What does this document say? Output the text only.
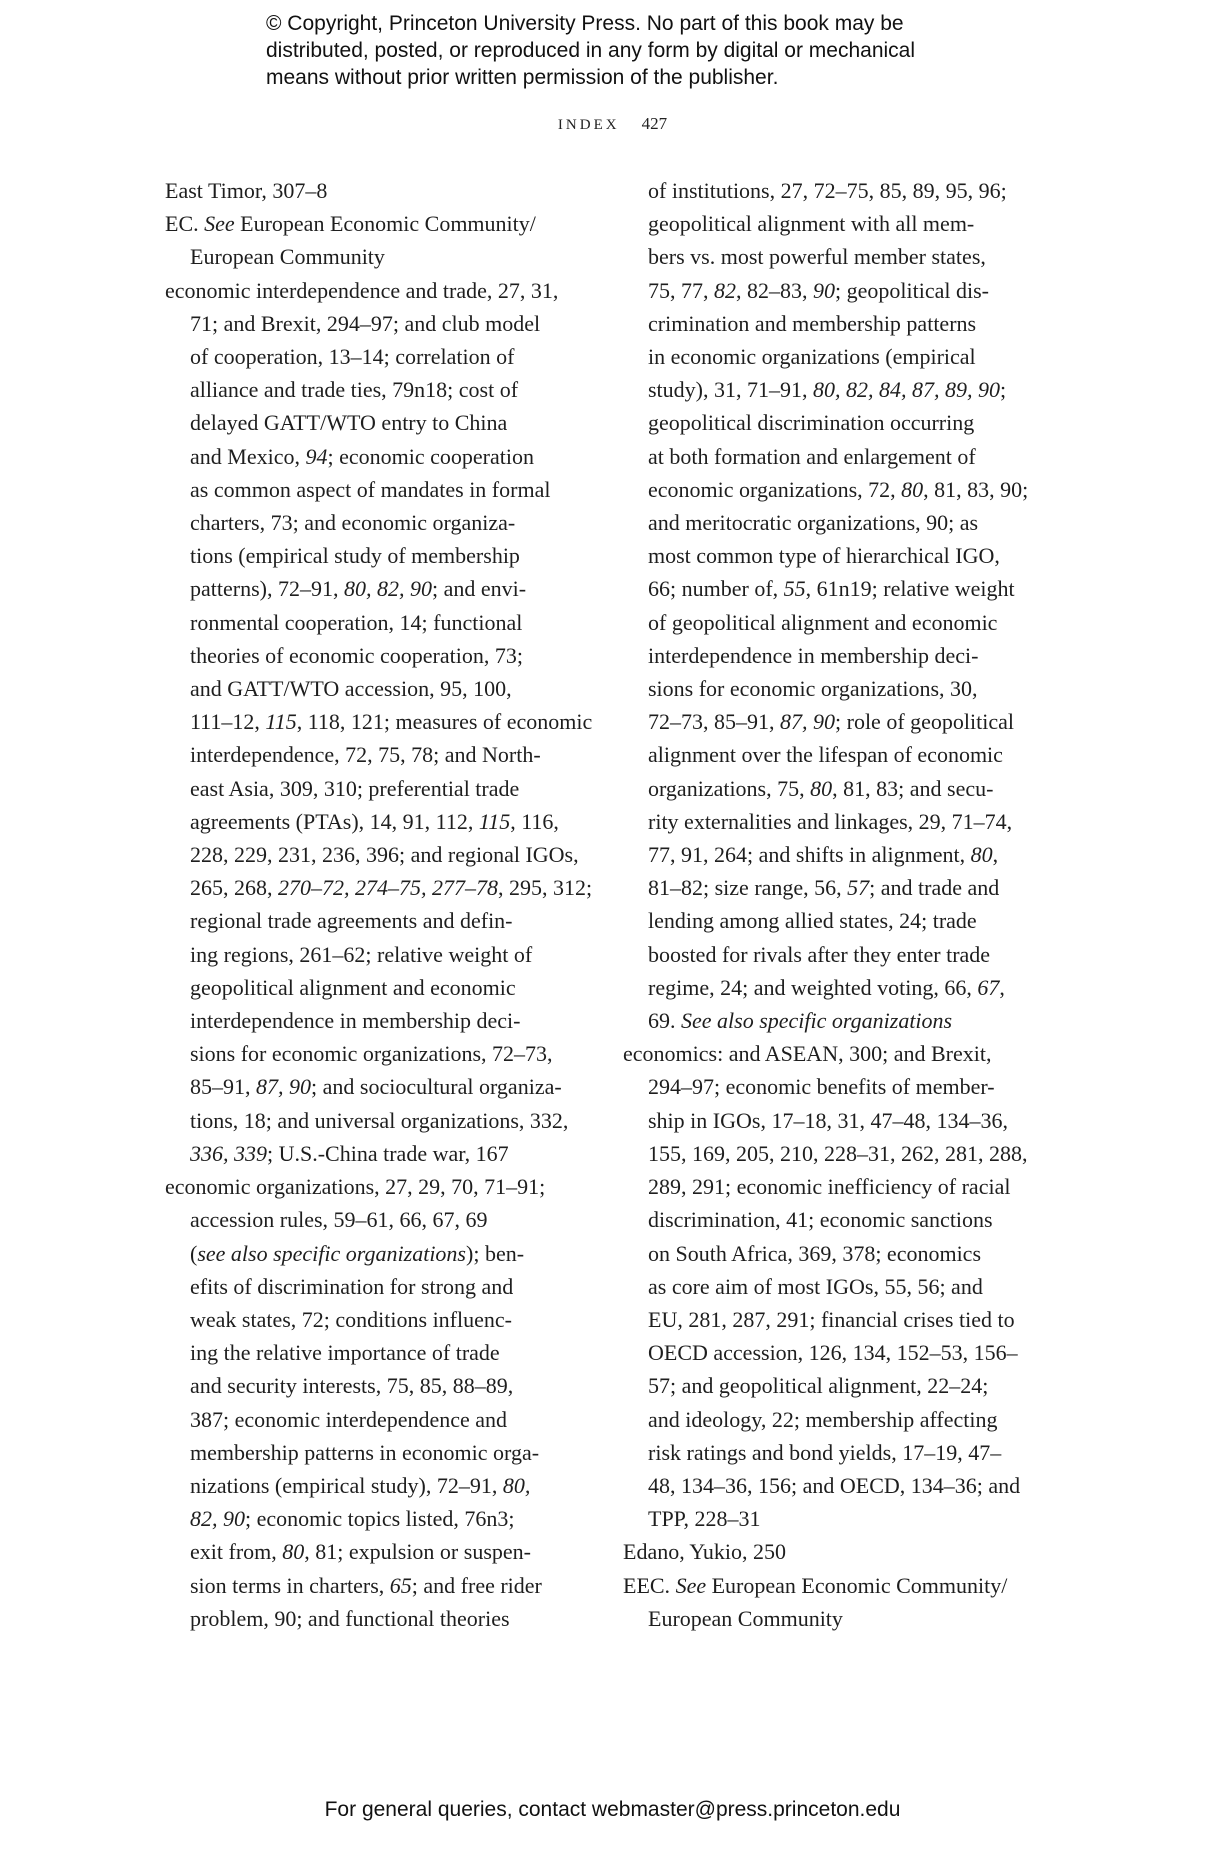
© Copyright, Princeton University Press. No part of this book may be
distributed, posted, or reproduced in any form by digital or mechanical
means without prior written permission of the publisher.
INDEX 427
East Timor, 307–8
EC. See European Economic Community/
European Community
economic interdependence and trade, 27, 31,
71; and Brexit, 294–97; and club model
of cooperation, 13–14; correlation of
alliance and trade ties, 79n18; cost of
delayed GATT/WTO entry to China
and Mexico, 94; economic cooperation
as common aspect of mandates in formal
charters, 73; and economic organiza-
tions (empirical study of membership
patterns), 72–91, 80, 82, 90; and envi-
ronmental cooperation, 14; functional
theories of economic cooperation, 73;
and GATT/WTO accession, 95, 100,
111–12, 115, 118, 121; measures of economic
interdependence, 72, 75, 78; and North-
east Asia, 309, 310; preferential trade
agreements (PTAs), 14, 91, 112, 115, 116,
228, 229, 231, 236, 396; and regional IGOs,
265, 268, 270–72, 274–75, 277–78, 295, 312;
regional trade agreements and defin-
ing regions, 261–62; relative weight of
geopolitical alignment and economic
interdependence in membership deci-
sions for economic organizations, 72–73,
85–91, 87, 90; and sociocultural organiza-
tions, 18; and universal organizations, 332,
336, 339; U.S.-China trade war, 167
economic organizations, 27, 29, 70, 71–91;
accession rules, 59–61, 66, 67, 69
(see also specific organizations); ben-
efits of discrimination for strong and
weak states, 72; conditions influenc-
ing the relative importance of trade
and security interests, 75, 85, 88–89,
387; economic interdependence and
membership patterns in economic orga-
nizations (empirical study), 72–91, 80,
82, 90; economic topics listed, 76n3;
exit from, 80, 81; expulsion or suspen-
sion terms in charters, 65; and free rider
problem, 90; and functional theories
of institutions, 27, 72–75, 85, 89, 95, 96;
geopolitical alignment with all mem-
bers vs. most powerful member states,
75, 77, 82, 82–83, 90; geopolitical dis-
crimination and membership patterns
in economic organizations (empirical
study), 31, 71–91, 80, 82, 84, 87, 89, 90;
geopolitical discrimination occurring
at both formation and enlargement of
economic organizations, 72, 80, 81, 83, 90;
and meritocratic organizations, 90; as
most common type of hierarchical IGO,
66; number of, 55, 61n19; relative weight
of geopolitical alignment and economic
interdependence in membership deci-
sions for economic organizations, 30,
72–73, 85–91, 87, 90; role of geopolitical
alignment over the lifespan of economic
organizations, 75, 80, 81, 83; and secu-
rity externalities and linkages, 29, 71–74,
77, 91, 264; and shifts in alignment, 80,
81–82; size range, 56, 57; and trade and
lending among allied states, 24; trade
boosted for rivals after they enter trade
regime, 24; and weighted voting, 66, 67,
69. See also specific organizations
economics: and ASEAN, 300; and Brexit,
294–97; economic benefits of member-
ship in IGOs, 17–18, 31, 47–48, 134–36,
155, 169, 205, 210, 228–31, 262, 281, 288,
289, 291; economic inefficiency of racial
discrimination, 41; economic sanctions
on South Africa, 369, 378; economics
as core aim of most IGOs, 55, 56; and
EU, 281, 287, 291; financial crises tied to
OECD accession, 126, 134, 152–53, 156–
57; and geopolitical alignment, 22–24;
and ideology, 22; membership affecting
risk ratings and bond yields, 17–19, 47–
48, 134–36, 156; and OECD, 134–36; and
TPP, 228–31
Edano, Yukio, 250
EEC. See European Economic Community/
European Community
For general queries, contact webmaster@press.princeton.edu
